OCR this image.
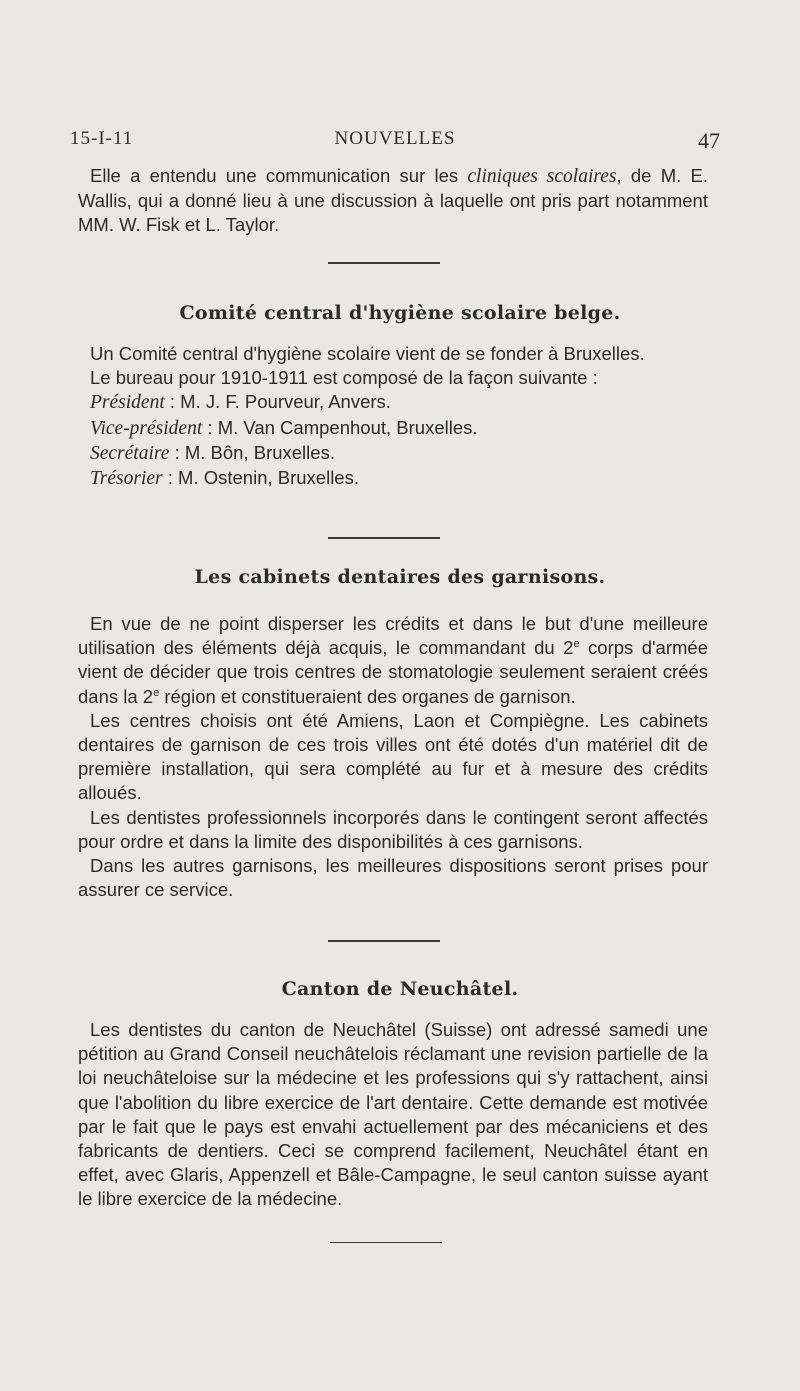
15-I-11	NOUVELLES	47

Elle a entendu une communication sur les cliniques scolaires, de M. E. Wallis, qui a donné lieu à une discussion à laquelle ont pris part notamment MM. W. Fisk et L. Taylor.

Comité central d'hygiène scolaire belge.

Un Comité central d'hygiène scolaire vient de se fonder à Bruxelles.

Le bureau pour 1910-1911 est composé de la façon suivante :

Président : M. J. F. Pourveur, Anvers.

Vice-président : M. Van Campenhout, Bruxelles.

Secrétaire : M. Bôn, Bruxelles.

Trésorier : M. Ostenin, Bruxelles.

Les cabinets dentaires des garnisons.

En vue de ne point disperser les crédits et dans le but d'une meilleure utilisation des éléments déjà acquis, le commandant du 2e corps d'armée vient de décider que trois centres de stomatologie seulement seraient créés dans la 2e région et constitueraient des organes de garnison.

Les centres choisis ont été Amiens, Laon et Compiègne. Les cabinets dentaires de garnison de ces trois villes ont été dotés d'un matériel dit de première installation, qui sera complété au fur et à mesure des crédits alloués.

Les dentistes professionnels incorporés dans le contingent seront affectés pour ordre et dans la limite des disponibilités à ces garnisons.

Dans les autres garnisons, les meilleures dispositions seront prises pour assurer ce service.

Canton de Neuchâtel.

Les dentistes du canton de Neuchâtel (Suisse) ont adressé samedi une pétition au Grand Conseil neuchâtelois réclamant une revision partielle de la loi neuchâteloise sur la médecine et les professions qui s'y rattachent, ainsi que l'abolition du libre exercice de l'art dentaire. Cette demande est motivée par le fait que le pays est envahi actuellement par des mécaniciens et des fabricants de dentiers. Ceci se comprend facilement, Neuchâtel étant en effet, avec Glaris, Appenzell et Bâle-Campagne, le seul canton suisse ayant le libre exercice de la médecine.
